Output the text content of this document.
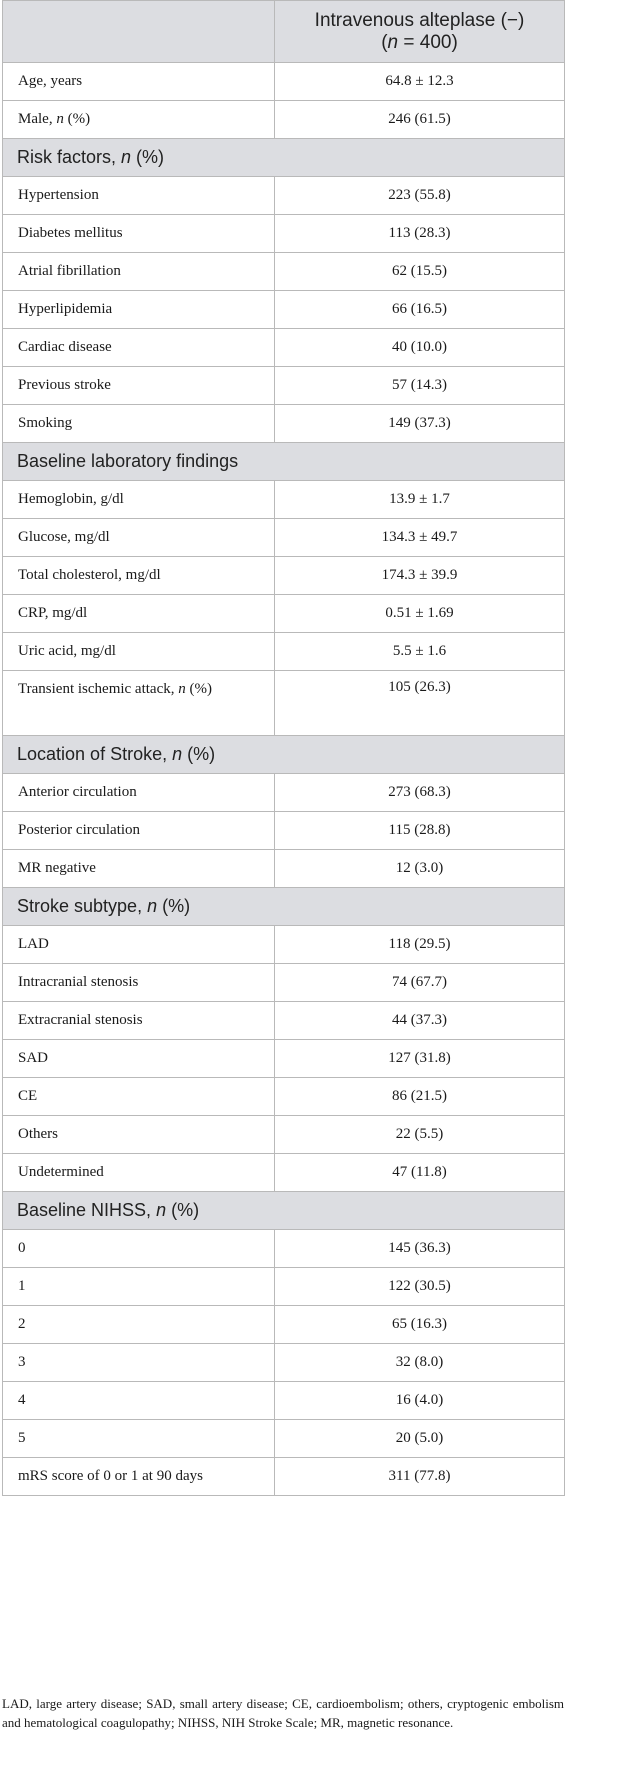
	Intravenous alteplase (−)
(n = 400)

Age, years	64.8 ± 12.3
Male, n (%)	246 (61.5)
Risk factors, n (%)	
Hypertension	223 (55.8)
Diabetes mellitus	113 (28.3)
Atrial fibrillation	62 (15.5)
Hyperlipidemia	66 (16.5)
Cardiac disease	40 (10.0)
Previous stroke	57 (14.3)
Smoking	149 (37.3)
Baseline laboratory findings	
Hemoglobin, g/dl	13.9 ± 1.7
Glucose, mg/dl	134.3 ± 49.7
Total cholesterol, mg/dl	174.3 ± 39.9
CRP, mg/dl	0.51 ± 1.69
Uric acid, mg/dl	5.5 ± 1.6
Transient ischemic attack, n (%)	105 (26.3)
Location of Stroke, n (%)	
Anterior circulation	273 (68.3)
Posterior circulation	115 (28.8)
MR negative	12 (3.0)
Stroke subtype, n (%)	
LAD	118 (29.5)
Intracranial stenosis	74 (67.7)
Extracranial stenosis	44 (37.3)
SAD	127 (31.8)
CE	86 (21.5)
Others	22 (5.5)
Undetermined	47 (11.8)
Baseline NIHSS, n (%)	
0	145 (36.3)
1	122 (30.5)
2	65 (16.3)
3	32 (8.0)
4	16 (4.0)
5	20 (5.0)
mRS score of 0 or 1 at 90 days	311 (77.8)

LAD, large artery disease; SAD, small artery disease; CE, cardioembolism; others, cryptogenic embolism and hematological coagulopathy; NIHSS, NIH Stroke Scale; MR, magnetic resonance.
